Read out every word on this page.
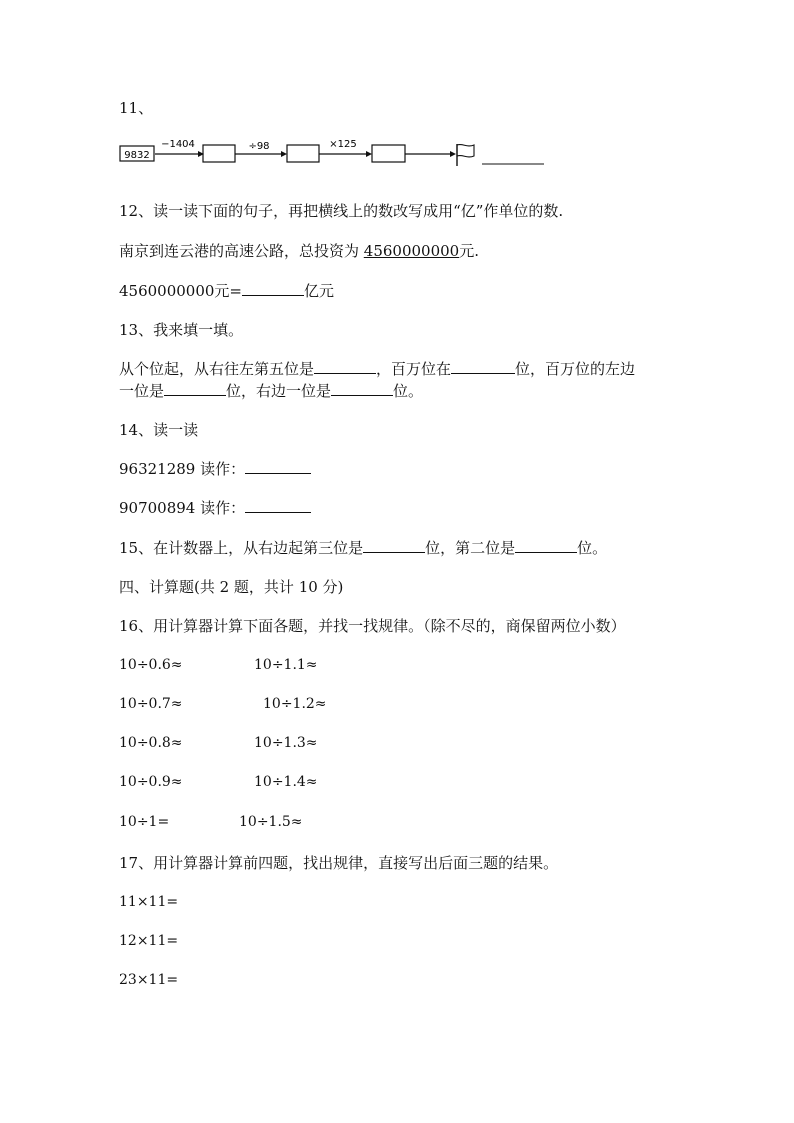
11、
9832
−1404	÷98	×125
12、读一读下面的句子，再把横线上的数改写成用“亿”作单位的数.
南京到连云港的高速公路，总投资为 4560000000元.
4560000000元=	亿元
13、我来填一填。
从个位起，从右往左第五位是	，百万位在	位，百万位的左边
一位是	位，右边一位是	位。
14、读一读
96321289 读作：
90700894 读作：
15、在计数器上，从右边起第三位是	位，第二位是	位。
四、计算题(共 2 题，共计 10 分)
16、用计算器计算下面各题，并找一找规律。（除不尽的，商保留两位小数）
10÷0.6≈	10÷1.1≈
10÷0.7≈	10÷1.2≈
10÷0.8≈	10÷1.3≈
10÷0.9≈	10÷1.4≈
10÷1=	10÷1.5≈
17、用计算器计算前四题，找出规律，直接写出后面三题的结果。
11×11=
12×11=
23×11=
